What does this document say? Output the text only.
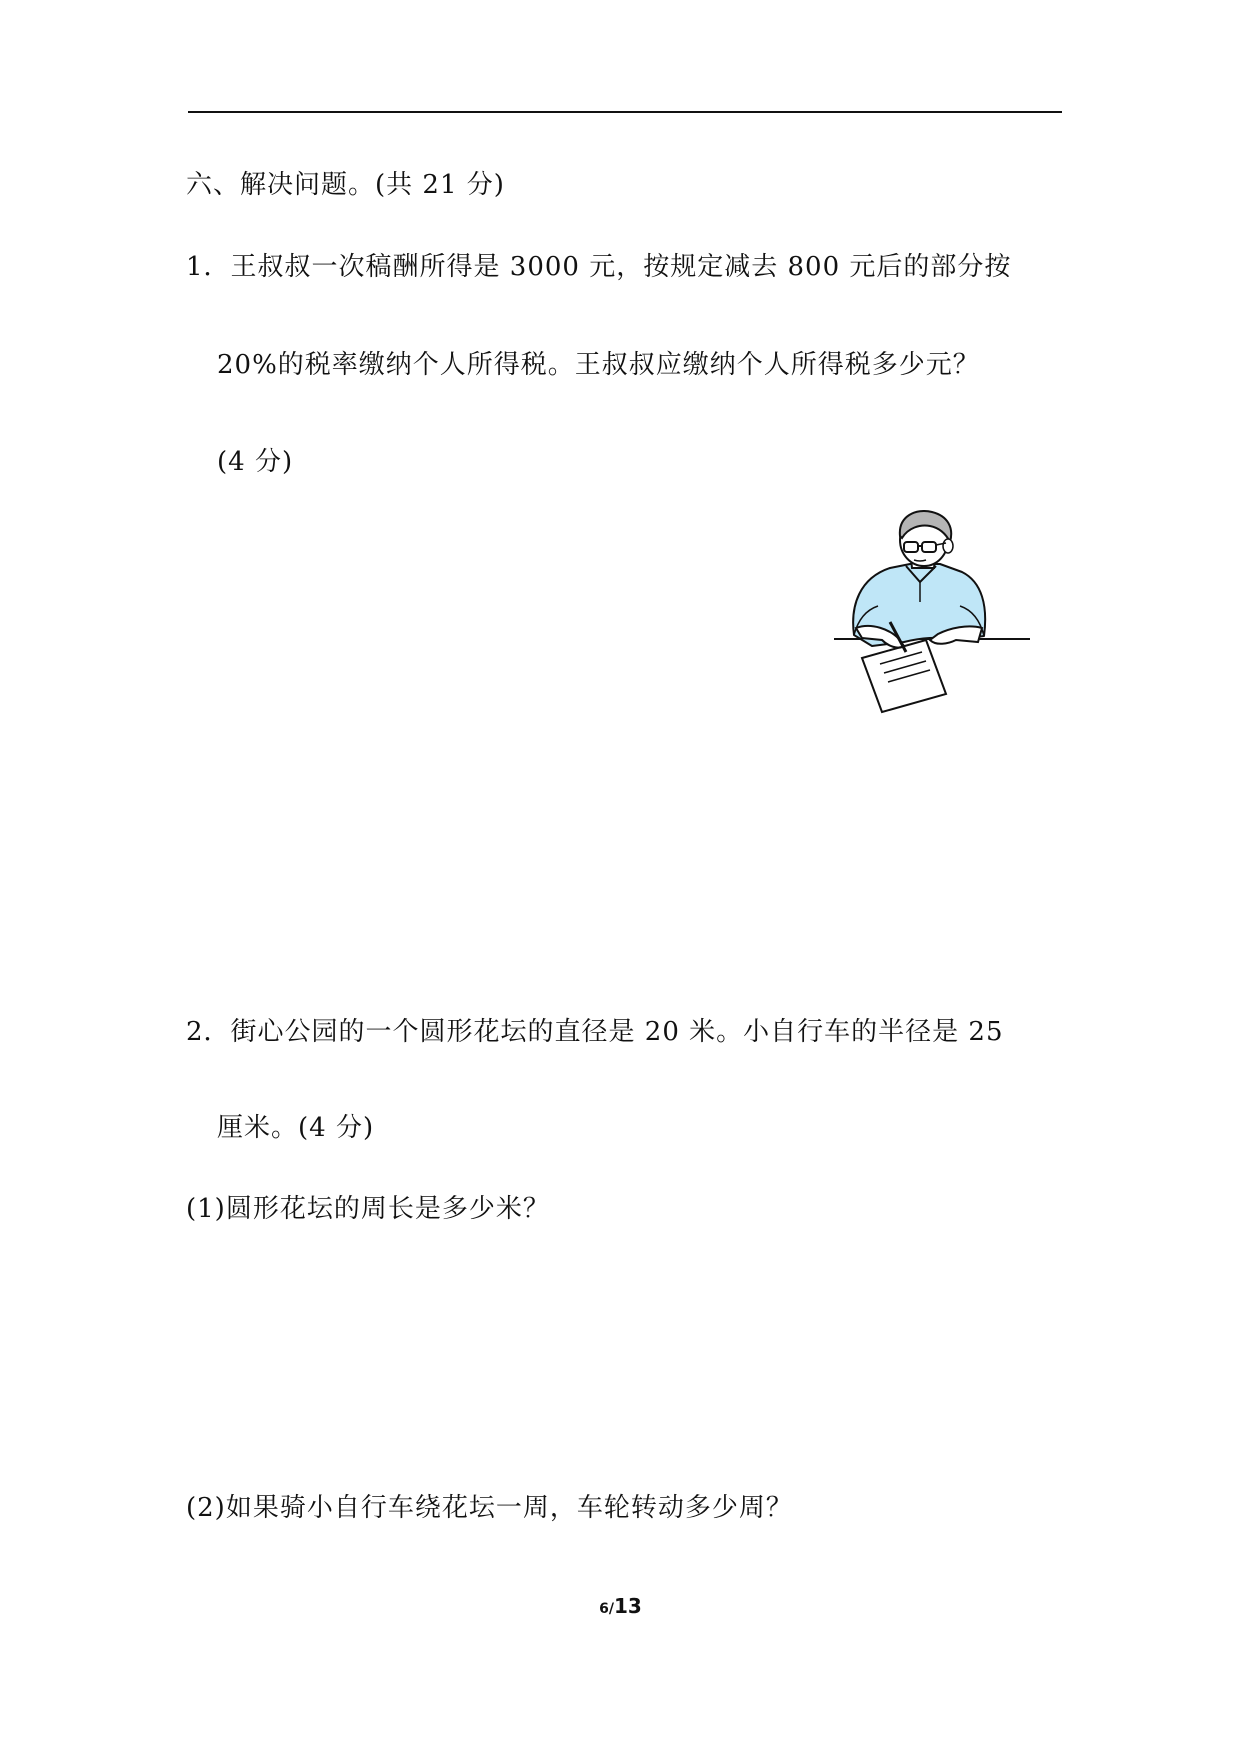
六、解决问题。(共 21 分)
1．王叔叔一次稿酬所得是 3000 元，按规定减去 800 元后的部分按
20%的税率缴纳个人所得税。王叔叔应缴纳个人所得税多少元？
(4 分)
2．街心公园的一个圆形花坛的直径是 20 米。小自行车的半径是 25
厘米。(4 分)
(1)圆形花坛的周长是多少米？
(2)如果骑小自行车绕花坛一周，车轮转动多少周？
6/13
